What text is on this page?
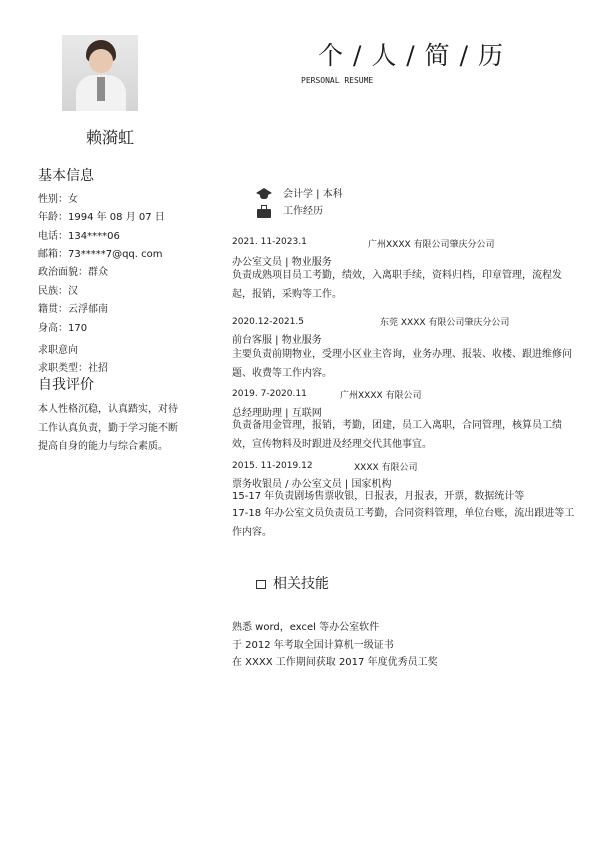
个 / 人 / 简 / 历
PERSONAL RESUME
赖漪虹
基本信息
性别：女
年龄：1994 年 08 月 07 日
电话：134****06
邮箱：73*****7@qq. com
政治面貌：群众
民族：汉
籍贯：云浮郁南
身高：170
求职意向
求职类型：社招
自我评价
本人性格沉稳，认真踏实，对待工作认真负责，勤于学习能不断提高自身的能力与综合素质。
会计学 | 本科
工作经历
2021. 11-2023.1	广州XXXX 有限公司肇庆分公司
办公室文员 | 物业服务
负责成熟项目员工考勤，绩效，入离职手续，资料归档，印章管理，流程发起，报销，采购等工作。
2020.12-2021.5	东莞 XXXX 有限公司肇庆分公司
前台客服 | 物业服务
主要负责前期物业，受理小区业主咨询，业务办理、报装、收楼、跟进维修问题、收费等工作内容。
2019. 7-2020.11	广州XXXX 有限公司
总经理助理 | 互联网
负责备用金管理，报销，考勤，团建，员工入离职，合同管理，核算员工绩效，宣传物料及时跟进及经理交代其他事宜。
2015. 11-2019.12	XXXX 有限公司
票务收银员 / 办公室文员 | 国家机构
15-17 年负责剧场售票收银，日报表，月报表，开票，数据统计等
17-18 年办公室文员负责员工考勤，合同资料管理，单位台账，流出跟进等工作内容。
相关技能
熟悉 word，excel 等办公室软件
于 2012 年考取全国计算机一级证书
在 XXXX 工作期间获取 2017 年度优秀员工奖
